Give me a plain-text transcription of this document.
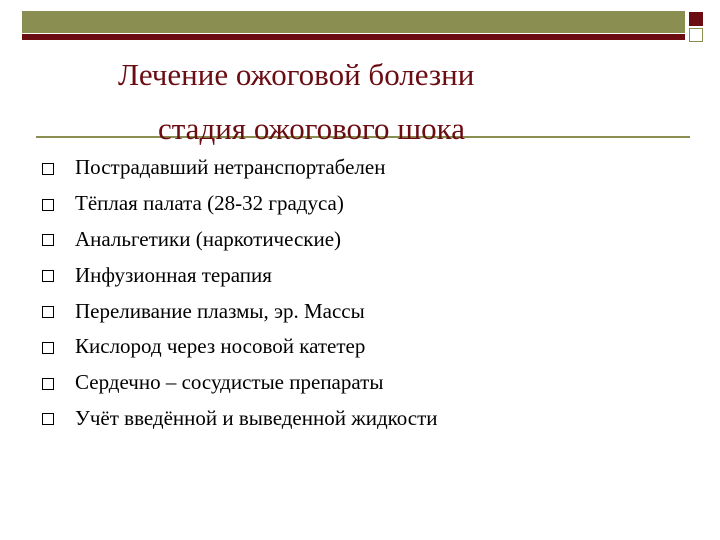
Лечение ожоговой болезни
стадия ожогового шока
Пострадавший нетранспортабелен
Тёплая палата (28-32 градуса)
Анальгетики (наркотические)
Инфузионная терапия
Переливание плазмы, эр. Массы
Кислород через носовой катетер
Сердечно – сосудистые препараты
Учёт введённой и выведенной жидкости
